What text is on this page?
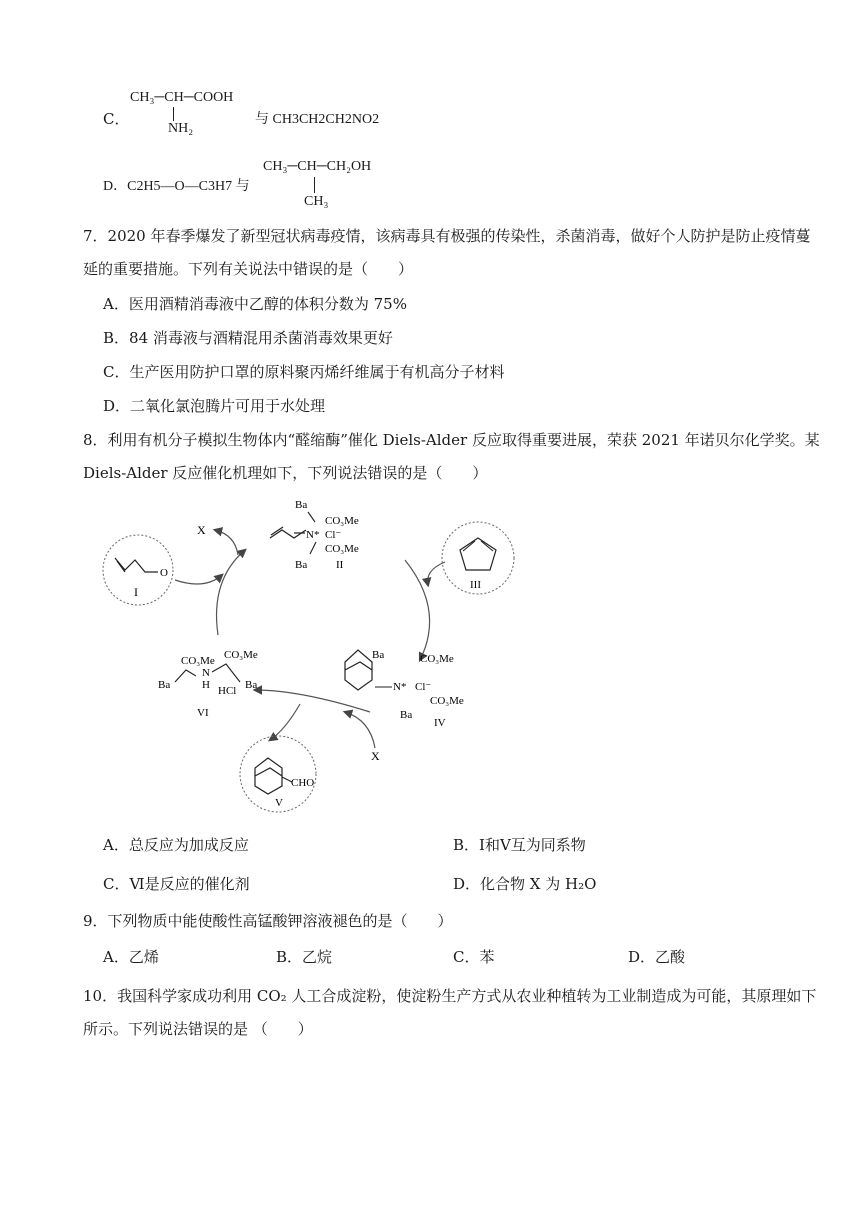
C．
CH₃─CH─COOH
NH₂
与 CH3CH2CH2NO2
D．C2H5—O—C3H7 与
CH₃─CH─CH₂OH
CH₃
7．2020 年春季爆发了新型冠状病毒疫情，该病毒具有极强的传染性，杀菌消毒，做好个人防护是防止疫情蔓延的重要措施。下列有关说法中错误的是（　　）
A．医用酒精消毒液中乙醇的体积分数为 75%
B．84 消毒液与酒精混用杀菌消毒效果更好
C．生产医用防护口罩的原料聚丙烯纤维属于有机高分子材料
D．二氧化氯泡腾片可用于水处理
8．利用有机分子模拟生物体内“醛缩酶”催化 Diels-Alder 反应取得重要进展，荣获 2021 年诺贝尔化学奖。某 Diels-Alder 反应催化机理如下，下列说法错误的是（　　）
O
I
X
Ba
CO₃Me
N* Cl⁻
CO₃Me
Ba	II
III
Ba	CO₃Me
N* Cl⁻
CO₃Me
Ba
IV
X
CHO
V
CO₃Me CO₃Me
N
H
Ba	HCl Ba
VI
A．总反应为加成反应	B．Ⅰ和Ⅴ互为同系物
C．Ⅵ是反应的催化剂	D．化合物 X 为 H₂O
9．下列物质中能使酸性高锰酸钾溶液褪色的是（　　）
A．乙烯	B．乙烷	C．苯	D．乙酸
10．我国科学家成功利用 CO₂ 人工合成淀粉，使淀粉生产方式从农业种植转为工业制造成为可能，其原理如下所示。下列说法错误的是 （　　）
